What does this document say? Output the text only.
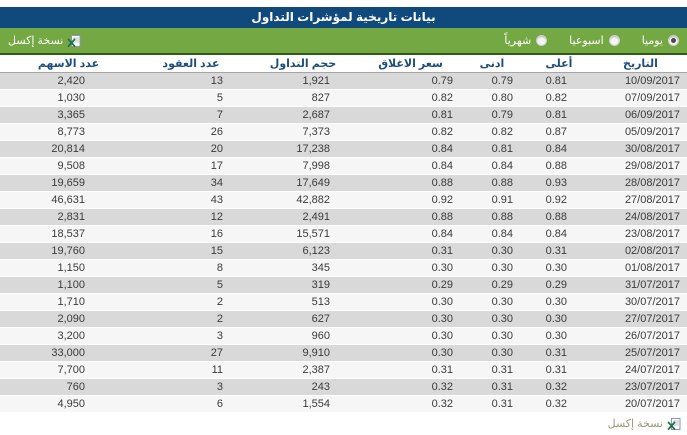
بيانات تاريخية لمؤشرات التداول
يوميا
اسبوعيا
شهرياً
نسخة إكسل
التاريخ	أعلى	ادنى	سعر الاغلاق	حجم التداول	عدد العقود	عدد الاسهم
10/09/2017	0.81	0.79	0.79	1,921	13	2,420
07/09/2017	0.82	0.80	0.82	827	5	1,030
06/09/2017	0.81	0.79	0.81	2,687	7	3,365
05/09/2017	0.87	0.82	0.82	7,373	26	8,773
30/08/2017	0.84	0.81	0.84	17,238	20	20,814
29/08/2017	0.88	0.84	0.84	7,998	17	9,508
28/08/2017	0.93	0.88	0.88	17,649	34	19,659
27/08/2017	0.92	0.91	0.92	42,882	43	46,631
24/08/2017	0.88	0.88	0.88	2,491	12	2,831
23/08/2017	0.84	0.84	0.84	15,571	16	18,537
02/08/2017	0.31	0.30	0.31	6,123	15	19,760
01/08/2017	0.30	0.30	0.30	345	8	1,150
31/07/2017	0.29	0.29	0.29	319	5	1,100
30/07/2017	0.30	0.30	0.30	513	2	1,710
27/07/2017	0.30	0.30	0.30	627	2	2,090
26/07/2017	0.30	0.30	0.30	960	3	3,200
25/07/2017	0.31	0.30	0.30	9,910	27	33,000
24/07/2017	0.31	0.31	0.31	2,387	11	7,700
23/07/2017	0.32	0.31	0.32	243	3	760
20/07/2017	0.32	0.31	0.32	1,554	6	4,950
نسخة إكسل
